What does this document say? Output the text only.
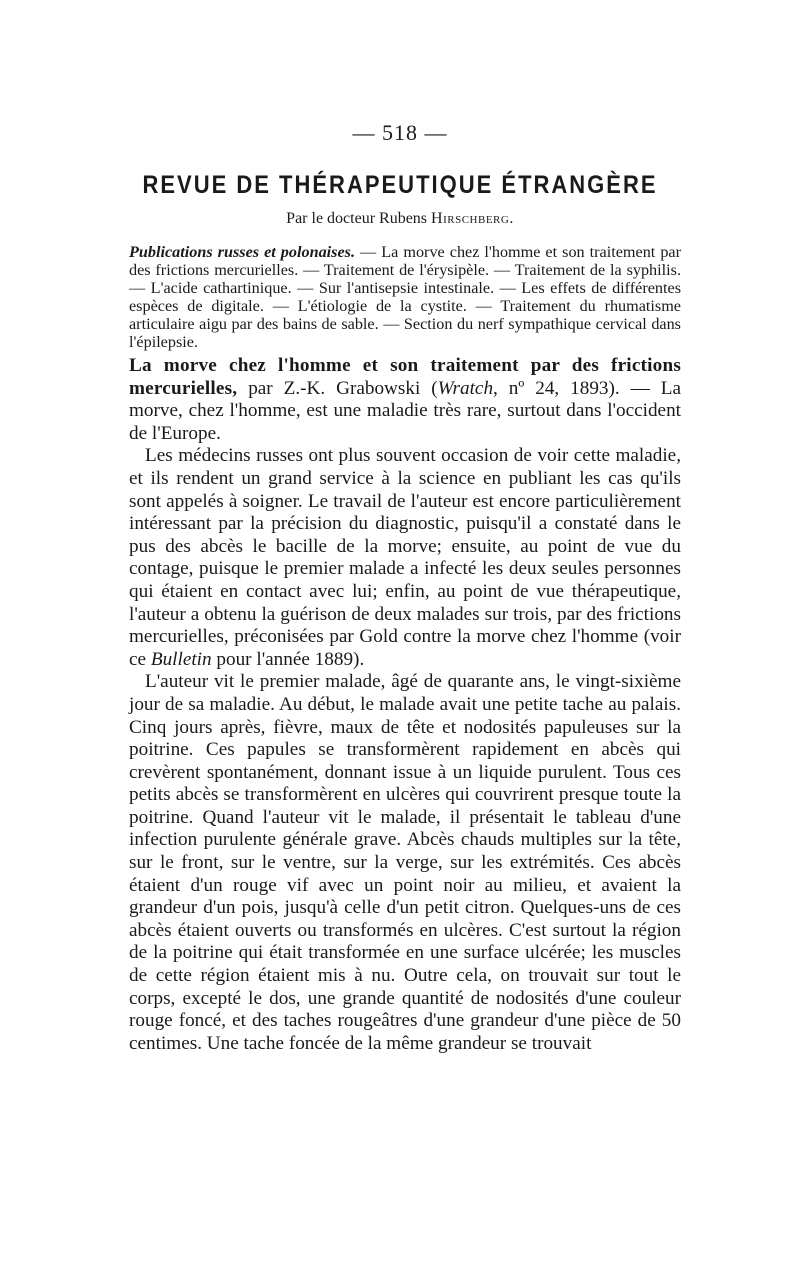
— 518 —
REVUE DE THÉRAPEUTIQUE ÉTRANGÈRE
Par le docteur Rubens Hirschberg.
Publications russes et polonaises. — La morve chez l'homme et son traitement par des frictions mercurielles. — Traitement de l'érysipèle. — Traitement de la syphilis. — L'acide cathartinique. — Sur l'antisepsie intestinale. — Les effets de différentes espèces de digitale. — L'étiologie de la cystite. — Traitement du rhumatisme articulaire aigu par des bains de sable. — Section du nerf sympathique cervical dans l'épilepsie.

La morve chez l'homme et son traitement par des frictions mercurielles, par Z.-K. Grabowski (Wratch, nº 24, 1893). — La morve, chez l'homme, est une maladie très rare, surtout dans l'occident de l'Europe.

Les médecins russes ont plus souvent occasion de voir cette maladie, et ils rendent un grand service à la science en publiant les cas qu'ils sont appelés à soigner. Le travail de l'auteur est encore particulièrement intéressant par la précision du diagnostic, puisqu'il a constaté dans le pus des abcès le bacille de la morve; ensuite, au point de vue du contage, puisque le premier malade a infecté les deux seules personnes qui étaient en contact avec lui; enfin, au point de vue thérapeutique, l'auteur a obtenu la guérison de deux malades sur trois, par des frictions mercurielles, préconisées par Gold contre la morve chez l'homme (voir ce Bulletin pour l'année 1889).

L'auteur vit le premier malade, âgé de quarante ans, le vingt-sixième jour de sa maladie. Au début, le malade avait une petite tache au palais. Cinq jours après, fièvre, maux de tête et nodosités papuleuses sur la poitrine. Ces papules se transformèrent rapidement en abcès qui crevèrent spontanément, donnant issue à un liquide purulent. Tous ces petits abcès se transformèrent en ulcères qui couvrirent presque toute la poitrine. Quand l'auteur vit le malade, il présentait le tableau d'une infection purulente générale grave. Abcès chauds multiples sur la tête, sur le front, sur le ventre, sur la verge, sur les extrémités. Ces abcès étaient d'un rouge vif avec un point noir au milieu, et avaient la grandeur d'un pois, jusqu'à celle d'un petit citron. Quelques-uns de ces abcès étaient ouverts ou transformés en ulcères. C'est surtout la région de la poitrine qui était transformée en une surface ulcérée; les muscles de cette région étaient mis à nu. Outre cela, on trouvait sur tout le corps, excepté le dos, une grande quantité de nodosités d'une couleur rouge foncé, et des taches rougeâtres d'une grandeur d'une pièce de 50 centimes. Une tache foncée de la même grandeur se trouvait
